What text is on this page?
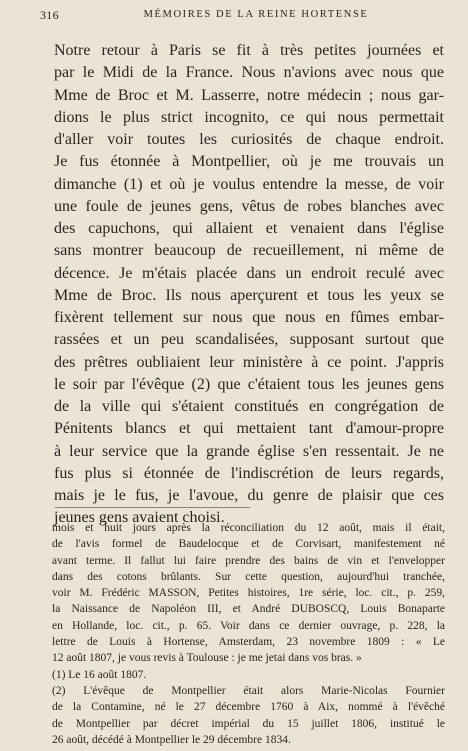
316	MÉMOIRES DE LA REINE HORTENSE
Notre retour à Paris se fit à très petites journées et
par le Midi de la France. Nous n'avions avec nous que
Mme de Broc et M. Lasserre, notre médecin ; nous gar-
dions le plus strict incognito, ce qui nous permettait
d'aller voir toutes les curiosités de chaque endroit.
Je fus étonnée à Montpellier, où je me trouvais un
dimanche (1) et où je voulus entendre la messe, de voir
une foule de jeunes gens, vêtus de robes blanches avec
des capuchons, qui allaient et venaient dans l'église
sans montrer beaucoup de recueillement, ni même de
décence. Je m'étais placée dans un endroit reculé avec
Mme de Broc. Ils nous aperçurent et tous les yeux se
fixèrent tellement sur nous que nous en fûmes embar-
rassées et un peu scandalisées, supposant surtout que
des prêtres oubliaient leur ministère à ce point. J'appris
le soir par l'évêque (2) que c'étaient tous les jeunes gens
de la ville qui s'étaient constitués en congrégation de
Pénitents blancs et qui mettaient tant d'amour-propre
à leur service que la grande église s'en ressentait. Je ne
fus plus si étonnée de l'indiscrétion de leurs regards,
mais je le fus, je l'avoue, du genre de plaisir que ces
jeunes gens avaient choisi.
mois et huit jours après la réconciliation du 12 août, mais il était,
de l'avis formel de Baudelocque et de Corvisart, manifestement né
avant terme. Il fallut lui faire prendre des bains de vin et l'envelopper
dans des cotons brûlants. Sur cette question, aujourd'hui tranchée,
voir M. Frédéric MASSON, Petites histoires, 1re série, loc. cit., p. 259,
la Naissance de Napoléon III, et André DUBOSCQ, Louis Bonaparte
en Hollande, loc. cit., p. 65. Voir dans ce dernier ouvrage, p. 228, la
lettre de Louis à Hortense, Amsterdam, 23 novembre 1809 : « Le
12 août 1807, je vous revis à Toulouse : je me jetai dans vos bras. »
(1) Le 16 août 1807.
(2) L'évêque de Montpellier était alors Marie-Nicolas Fournier
de la Contamine, né le 27 décembre 1760 à Aix, nommé à l'évêché
de Montpellier par décret impérial du 15 juillet 1806, institué le
26 août, décédé à Montpellier le 29 décembre 1834.
